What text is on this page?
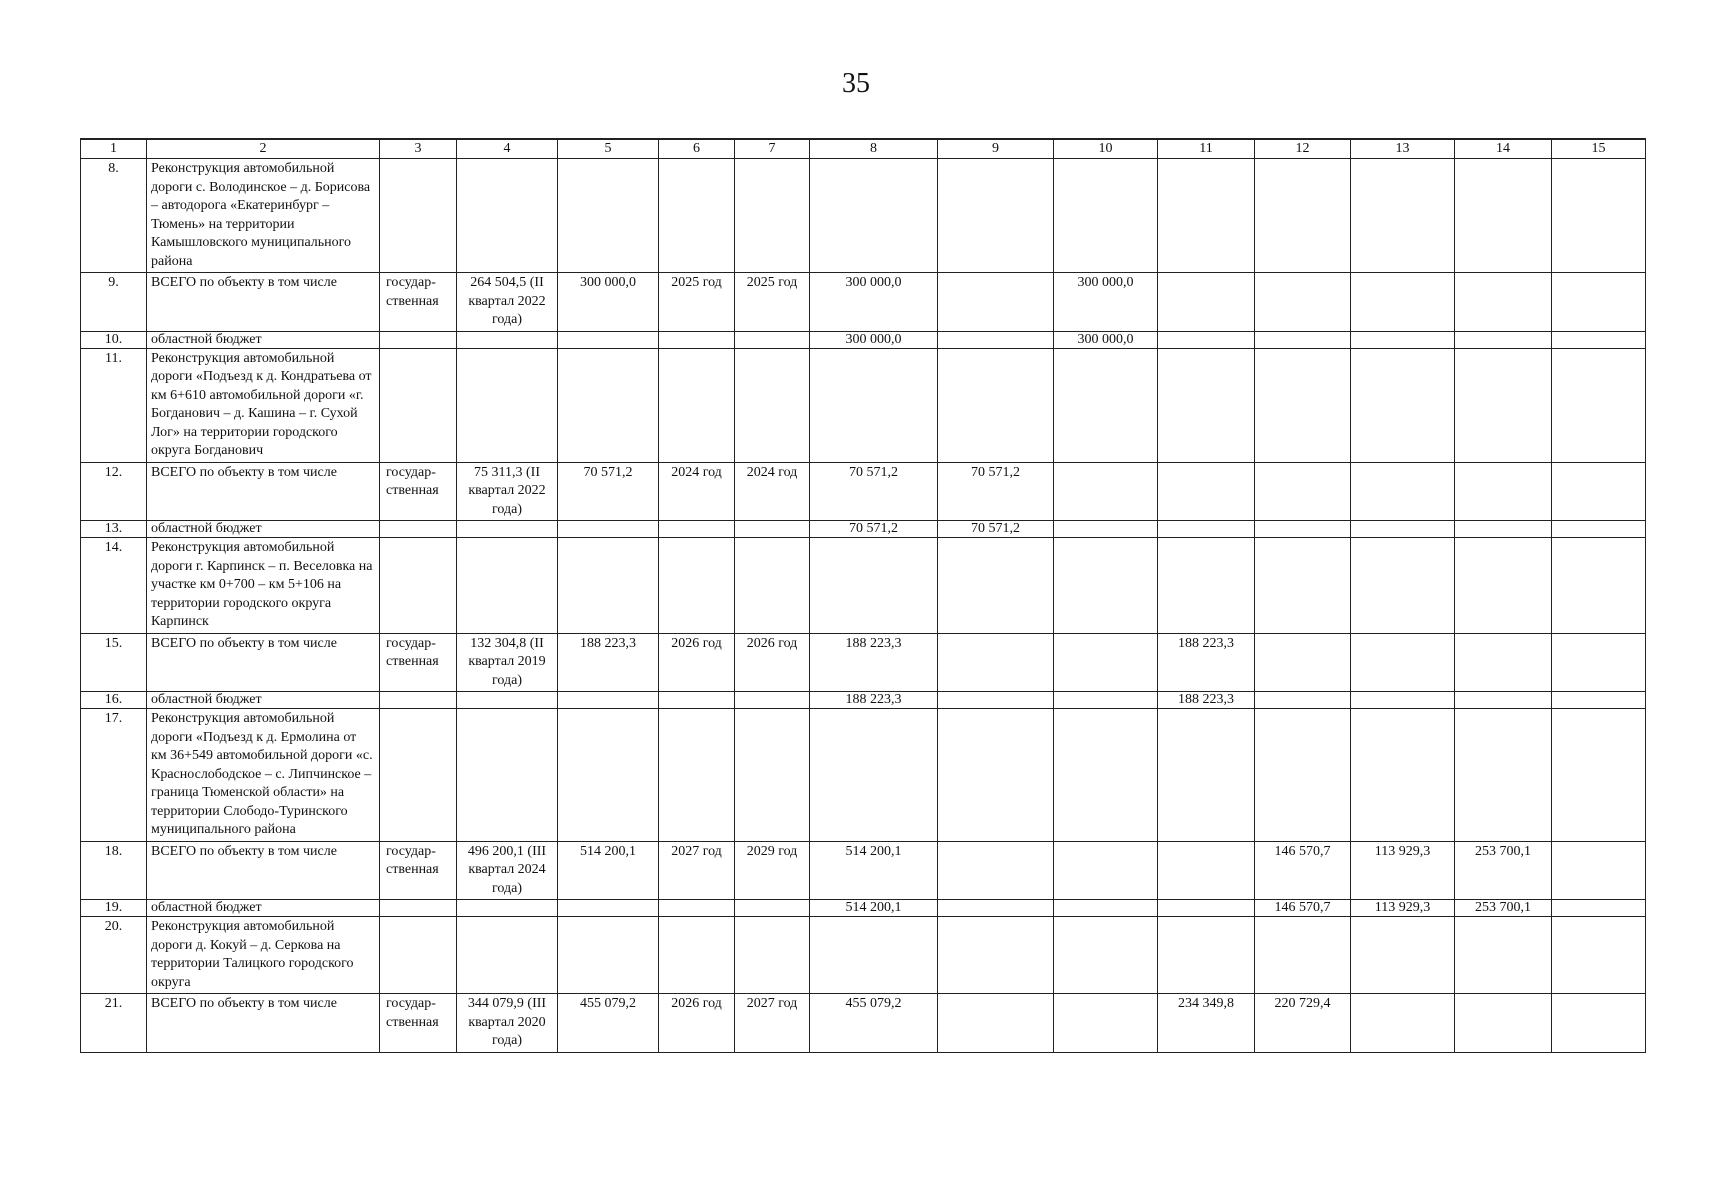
35
1	2	3	4	5	6	7	8	9	10	11	12	13	14	15
8.	Реконструкция автомобильной дороги с. Володинское – д. Борисова – автодорога «Екатеринбург – Тюмень» на территории Камышловского муниципального района													
9.	ВСЕГО по объекту в том числе	государ-ственная	264 504,5 (II квартал 2022 года)	300 000,0	2025 год	2025 год	300 000,0		300 000,0					
10.	областной бюджет						300 000,0		300 000,0					
11.	Реконструкция автомобильной дороги «Подъезд к д. Кондратьева от км 6+610 автомобильной дороги «г. Богданович – д. Кашина – г. Сухой Лог» на территории городского округа Богданович													
12.	ВСЕГО по объекту в том числе	государ-ственная	75 311,3 (II квартал 2022 года)	70 571,2	2024 год	2024 год	70 571,2	70 571,2						
13.	областной бюджет						70 571,2	70 571,2						
14.	Реконструкция автомобильной дороги г. Карпинск – п. Веселовка на участке км 0+700 – км 5+106 на территории городского округа Карпинск													
15.	ВСЕГО по объекту в том числе	государ-ственная	132 304,8 (II квартал 2019 года)	188 223,3	2026 год	2026 год	188 223,3			188 223,3				
16.	областной бюджет						188 223,3			188 223,3				
17.	Реконструкция автомобильной дороги «Подъезд к д. Ермолина от км 36+549 автомобильной дороги «с. Краснослободское – с. Липчинское – граница Тюменской области» на территории Слободо-Туринского муниципального района													
18.	ВСЕГО по объекту в том числе	государ-ственная	496 200,1 (III квартал 2024 года)	514 200,1	2027 год	2029 год	514 200,1				146 570,7	113 929,3	253 700,1	
19.	областной бюджет						514 200,1				146 570,7	113 929,3	253 700,1	
20.	Реконструкция автомобильной дороги д. Кокуй – д. Серкова на территории Талицкого городского округа													
21.	ВСЕГО по объекту в том числе	государ-ственная	344 079,9 (III квартал 2020 года)	455 079,2	2026 год	2027 год	455 079,2			234 349,8	220 729,4			
